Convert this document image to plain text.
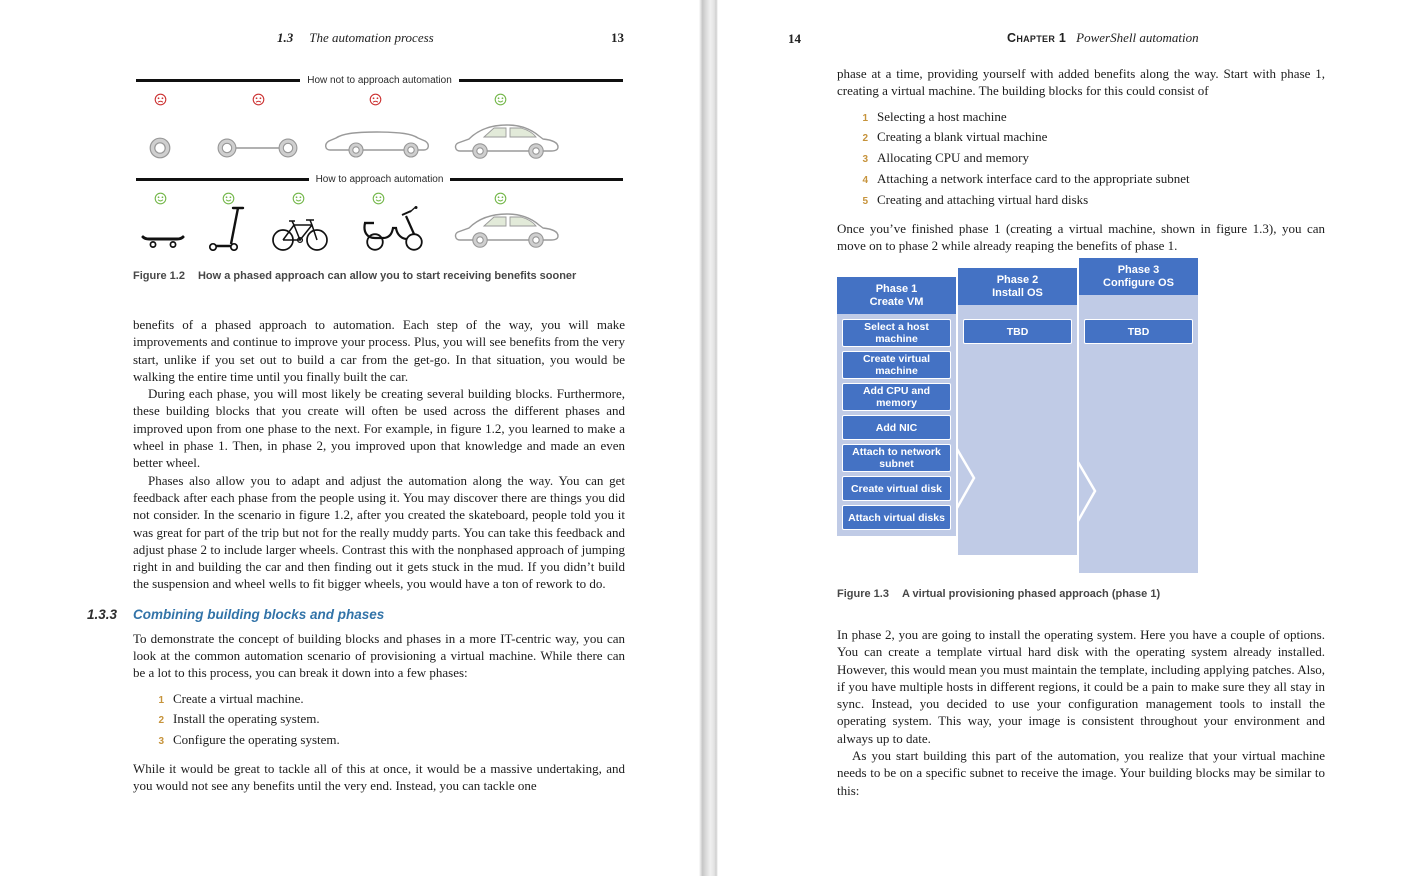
1.3 The automation process	13
How not to approach automation
How to approach automation
Figure 1.2 How a phased approach can allow you to start receiving benefits sooner

benefits of a phased approach to automation. Each step of the way, you will make improvements and continue to improve your process. Plus, you will see benefits from the very start, unlike if you set out to build a car from the get-go. In that situation, you would be walking the entire time until you finally built the car.

During each phase, you will most likely be creating several building blocks. Furthermore, these building blocks that you create will often be used across the different phases and improved upon from one phase to the next. For example, in figure 1.2, you learned to make a wheel in phase 1. Then, in phase 2, you improved upon that knowledge and made an even better wheel.

Phases also allow you to adapt and adjust the automation along the way. You can get feedback after each phase from the people using it. You may discover there are things you did not consider. In the scenario in figure 1.2, after you created the skateboard, people told you it was great for part of the trip but not for the really muddy parts. You can take this feedback and adjust phase 2 to include larger wheels. Contrast this with the nonphased approach of jumping right in and building the car and then finding out it gets stuck in the mud. If you didn’t build the suspension and wheel wells to fit bigger wheels, you would have a ton of rework to do.

1.3.3 Combining building blocks and phases

To demonstrate the concept of building blocks and phases in a more IT-centric way, you can look at the common automation scenario of provisioning a virtual machine. While there can be a lot to this process, you can break it down into a few phases:

1 Create a virtual machine.
2 Install the operating system.
3 Configure the operating system.

While it would be great to tackle all of this at once, it would be a massive undertaking, and you would not see any benefits until the very end. Instead, you can tackle one

14	Chapter 1 PowerShell automation

phase at a time, providing yourself with added benefits along the way. Start with phase 1, creating a virtual machine. The building blocks for this could consist of

1 Selecting a host machine
2 Creating a blank virtual machine
3 Allocating CPU and memory
4 Attaching a network interface card to the appropriate subnet
5 Creating and attaching virtual hard disks

Once you’ve finished phase 1 (creating a virtual machine, shown in figure 1.3), you can move on to phase 2 while already reaping the benefits of phase 1.

Phase 1
Create VM
Select a host machine
Create virtual machine
Add CPU and memory
Add NIC
Attach to network subnet
Create virtual disk
Attach virtual disks
Phase 2
Install OS
TBD
Phase 3
Configure OS
TBD
Figure 1.3 A virtual provisioning phased approach (phase 1)

In phase 2, you are going to install the operating system. Here you have a couple of options. You can create a template virtual hard disk with the operating system already installed. However, this would mean you must maintain the template, including applying patches. Also, if you have multiple hosts in different regions, it could be a pain to make sure they all stay in sync. Instead, you decided to use your configuration management tools to install the operating system. This way, your image is consistent throughout your environment and always up to date.

As you start building this part of the automation, you realize that your virtual machine needs to be on a specific subnet to receive the image. Your building blocks may be similar to this:
